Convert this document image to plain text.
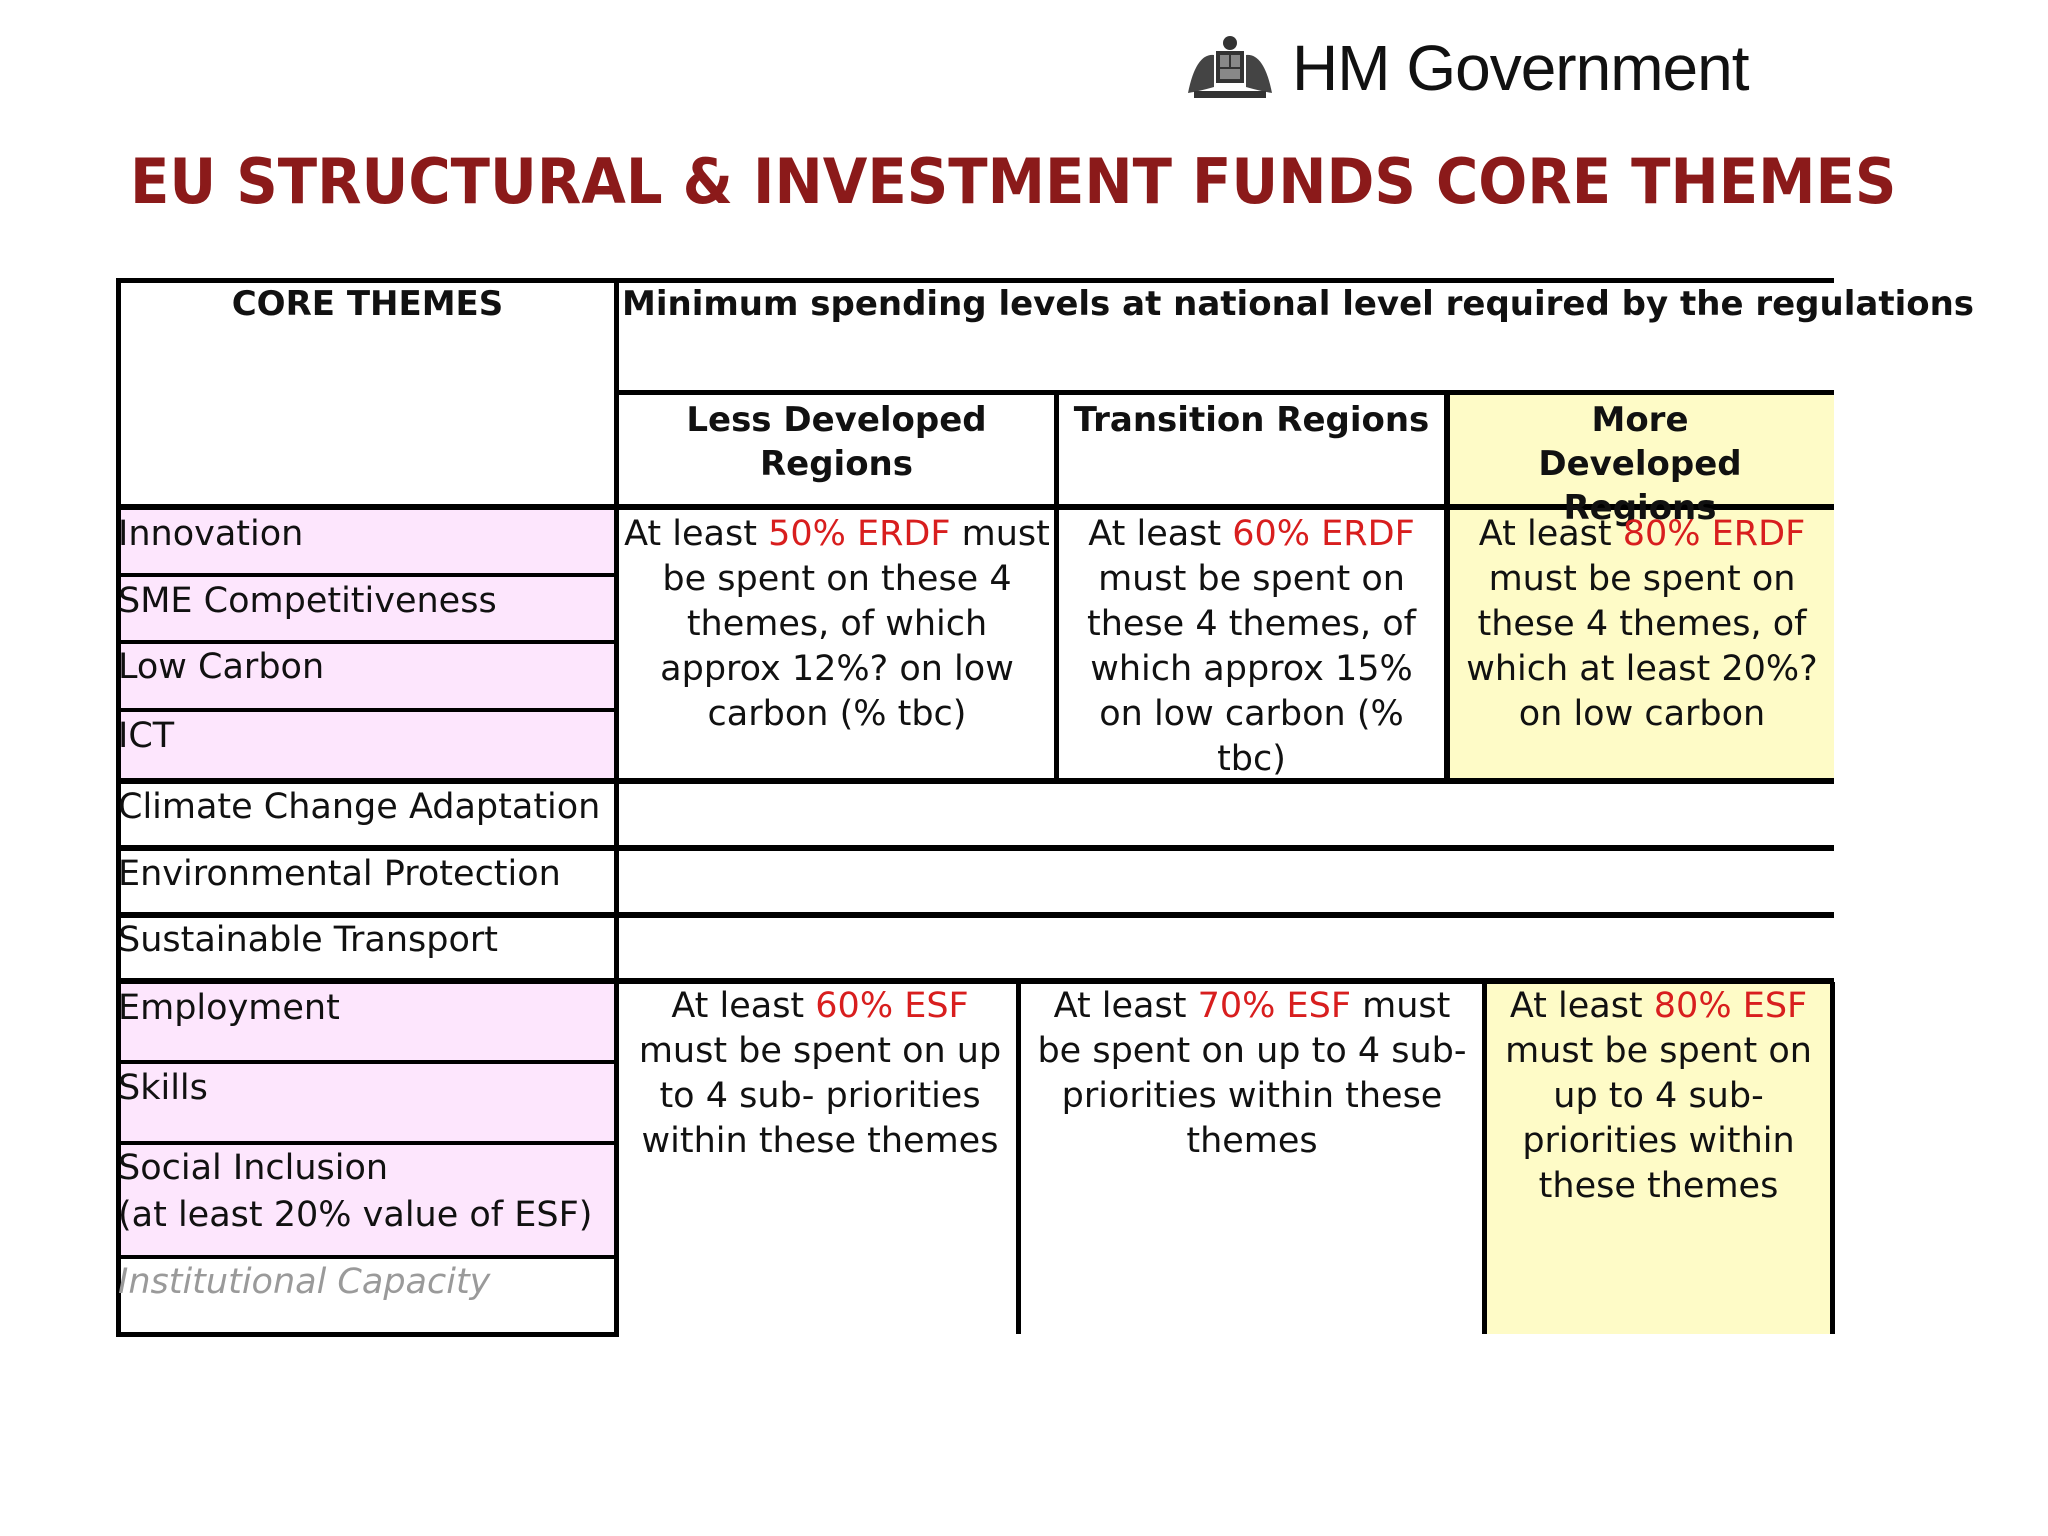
HM Government
EU STRUCTURAL & INVESTMENT FUNDS CORE THEMES
CORE THEMES	Minimum spending levels at national level required by the regulations
Less Developed Regions
Transition Regions	More Developed Regions
Innovation
SME Competitiveness
Low Carbon
ICT
Climate Change Adaptation
Environmental Protection
Sustainable Transport
Employment
Skills
Social Inclusion
(at least 20% value of ESF)
Institutional Capacity
At least 50% ERDF must be spent on these 4 themes, of which approx 12%? on low carbon (% tbc)
At least 60% ERDF must be spent on these 4 themes, of which approx 15% on low carbon (% tbc)
At least 80% ERDF must be spent on these 4 themes, of which at least 20%? on low carbon
At least 60% ESF must be spent on up to 4 sub- priorities within these themes
At least 70% ESF must be spent on up to 4 sub-priorities within these themes
At least 80% ESF must be spent on up to 4 sub-priorities within these themes
